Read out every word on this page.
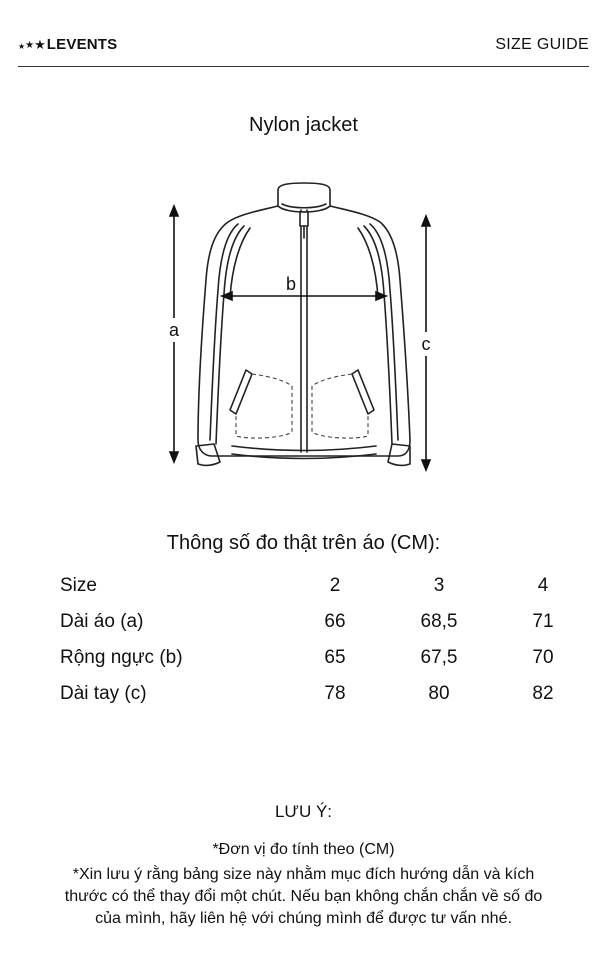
★ ★ ★ LEVENTS	SIZE GUIDE
Nylon jacket
a
b
c
Thông số đo thật trên áo (CM):
Size	2	3	4
Dài áo (a)	66	68,5	71
Rộng ngực (b)	65	67,5	70
Dài tay (c)	78	80	82
LƯU Ý:
*Đơn vị đo tính theo (CM)
*Xin lưu ý rằng bảng size này nhằm mục đích hướng dẫn và kích
thước có thể thay đổi một chút. Nếu bạn không chắn chắn về số đo
của mình, hãy liên hệ với chúng mình để được tư vấn nhé.
